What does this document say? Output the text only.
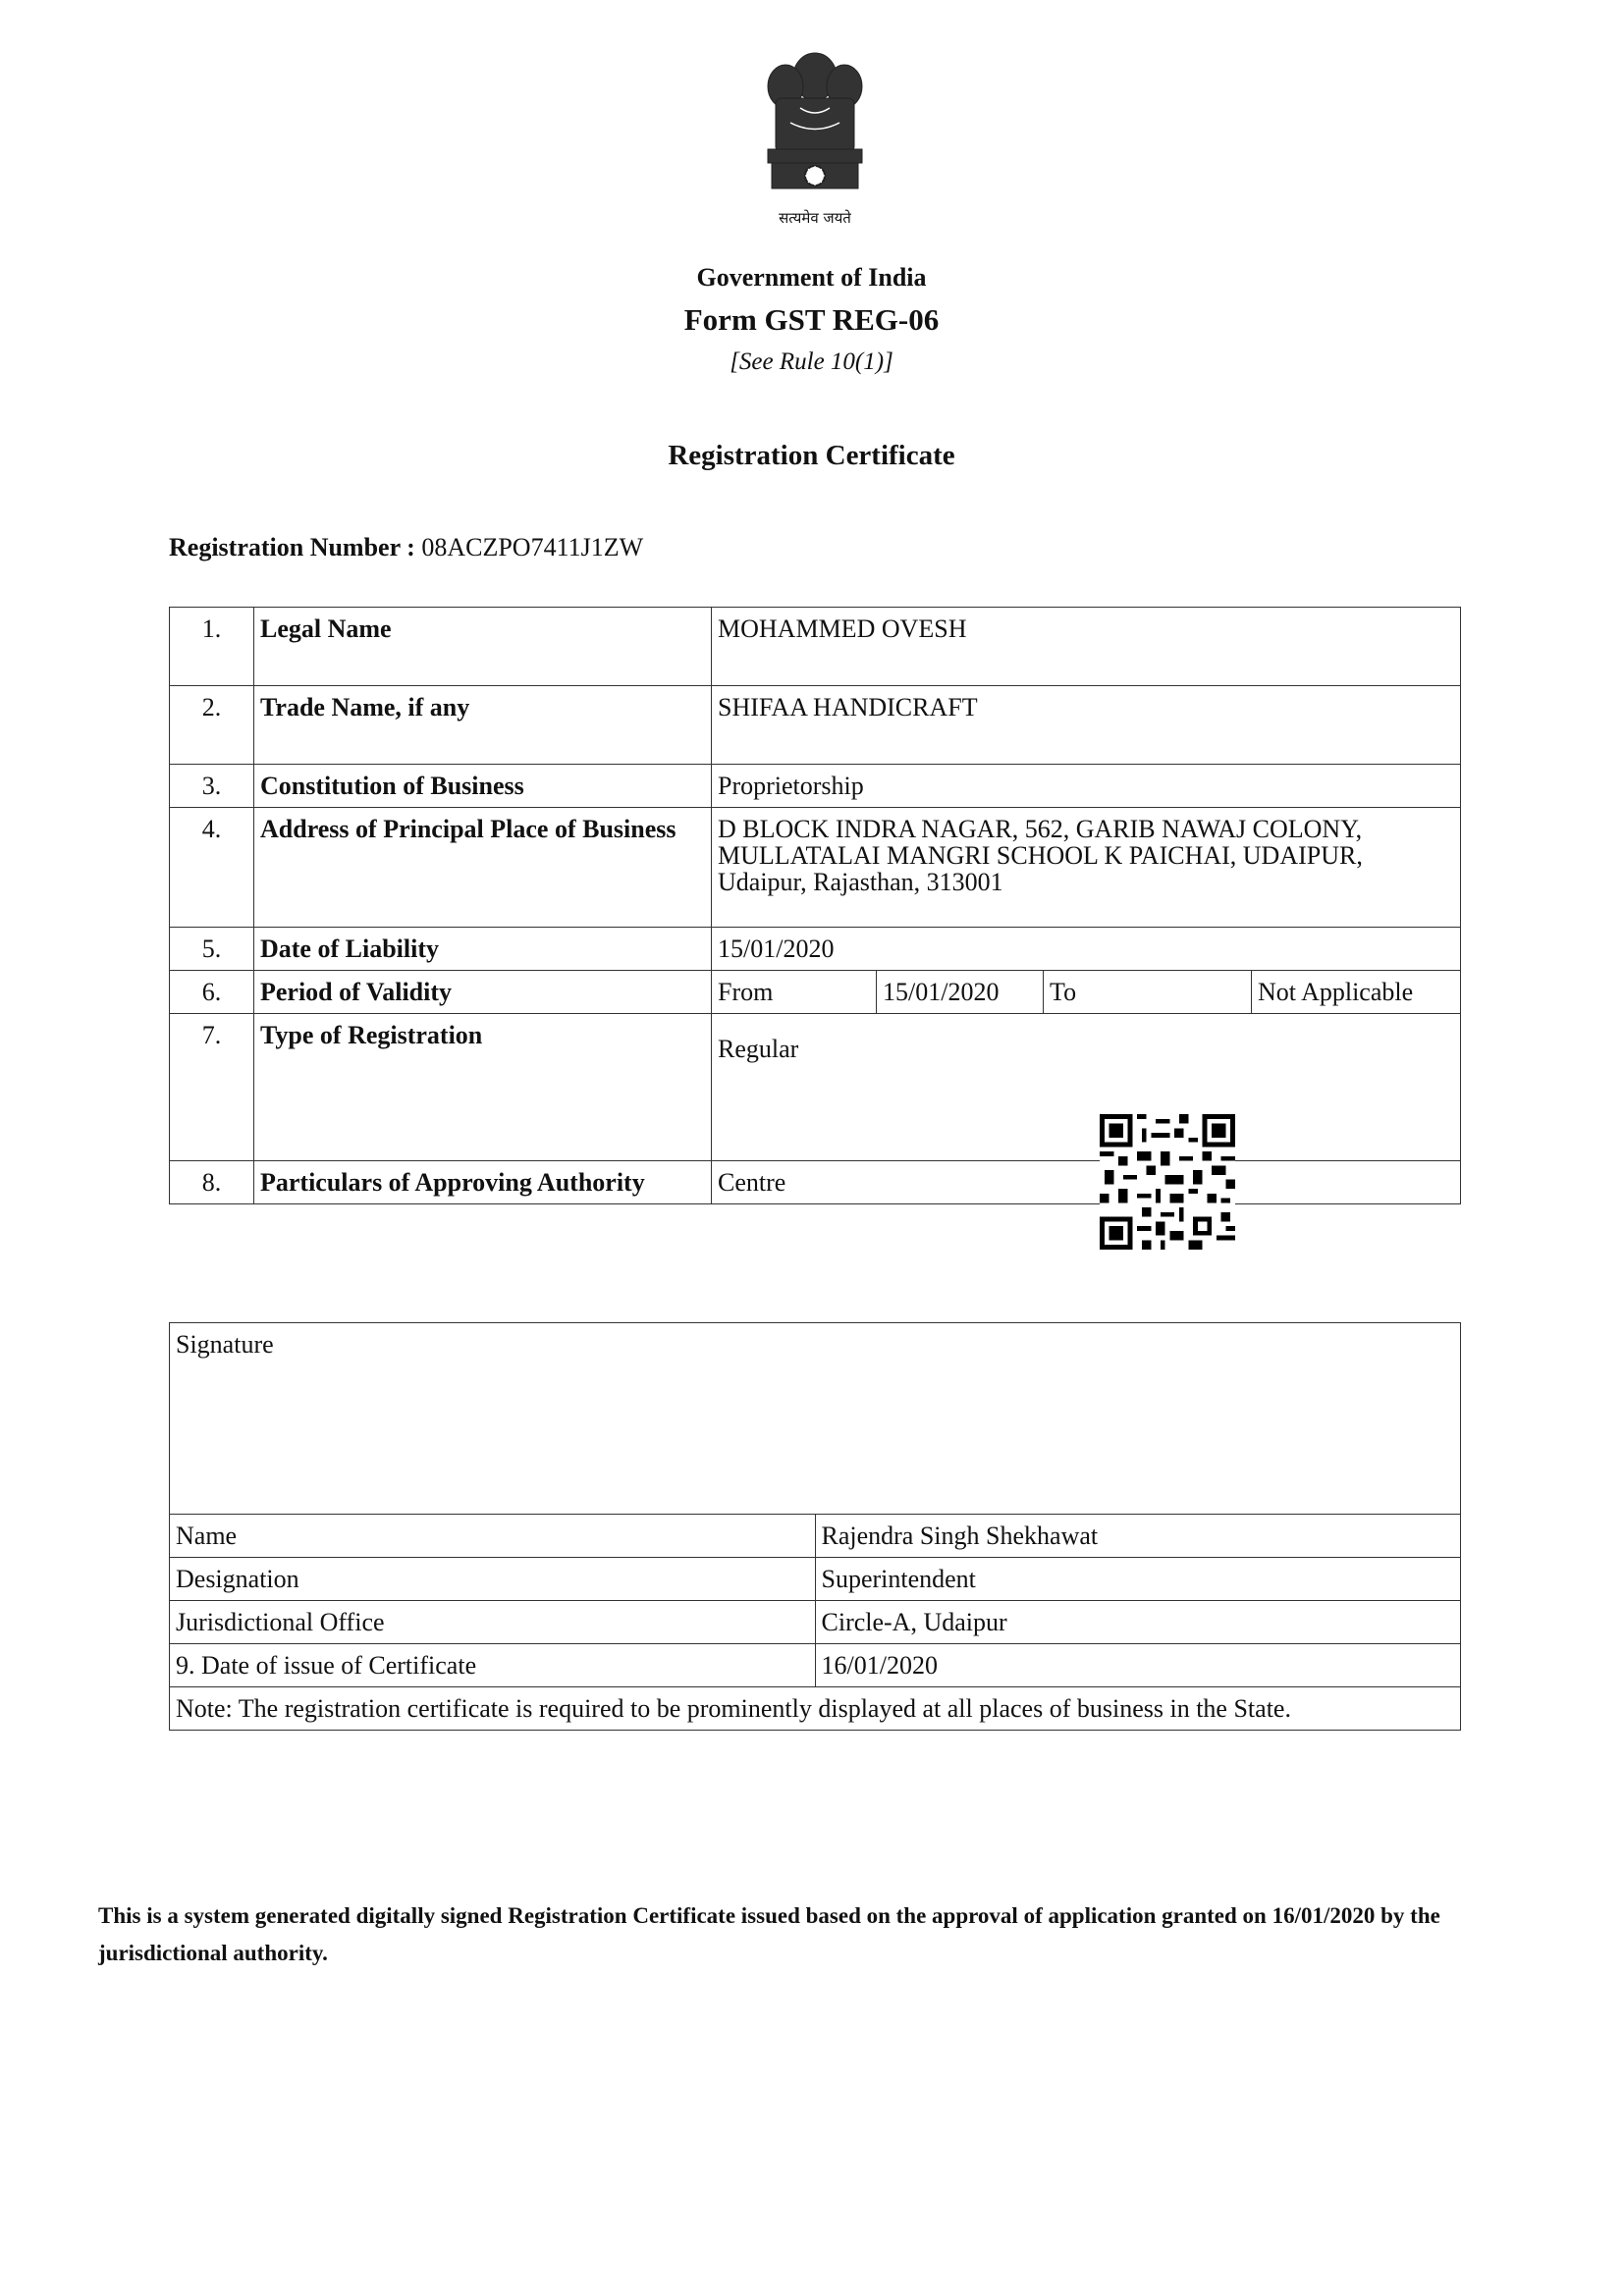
सत्यमेव जयते
Government of India
Form GST REG-06
[See Rule 10(1)]
Registration Certificate
Registration Number : 08ACZPO7411J1ZW
1.	Legal Name	MOHAMMED OVESH			
2.	Trade Name, if any	SHIFAA HANDICRAFT			
3.	Constitution of Business	Proprietorship			
4.	Address of Principal Place of Business	D BLOCK INDRA NAGAR, 562, GARIB NAWAJ COLONY, MULLATALAI MANGRI SCHOOL K PAICHAI, UDAIPUR, Udaipur, Rajasthan, 313001			
5.	Date of Liability	15/01/2020			
6.	Period of Validity	From	15/01/2020	To	Not Applicable
7.	Type of Registration	Regular			

8.	Particulars of Approving Authority	Centre			
Signature	
Name	Rajendra Singh Shekhawat
Designation	Superintendent
Jurisdictional Office	Circle-A, Udaipur
9. Date of issue of Certificate	16/01/2020
Note: The registration certificate is required to be prominently displayed at all places of business in the State.	
This is a system generated digitally signed Registration Certificate issued based on the approval of application granted on 16/01/2020 by the jurisdictional authority.
